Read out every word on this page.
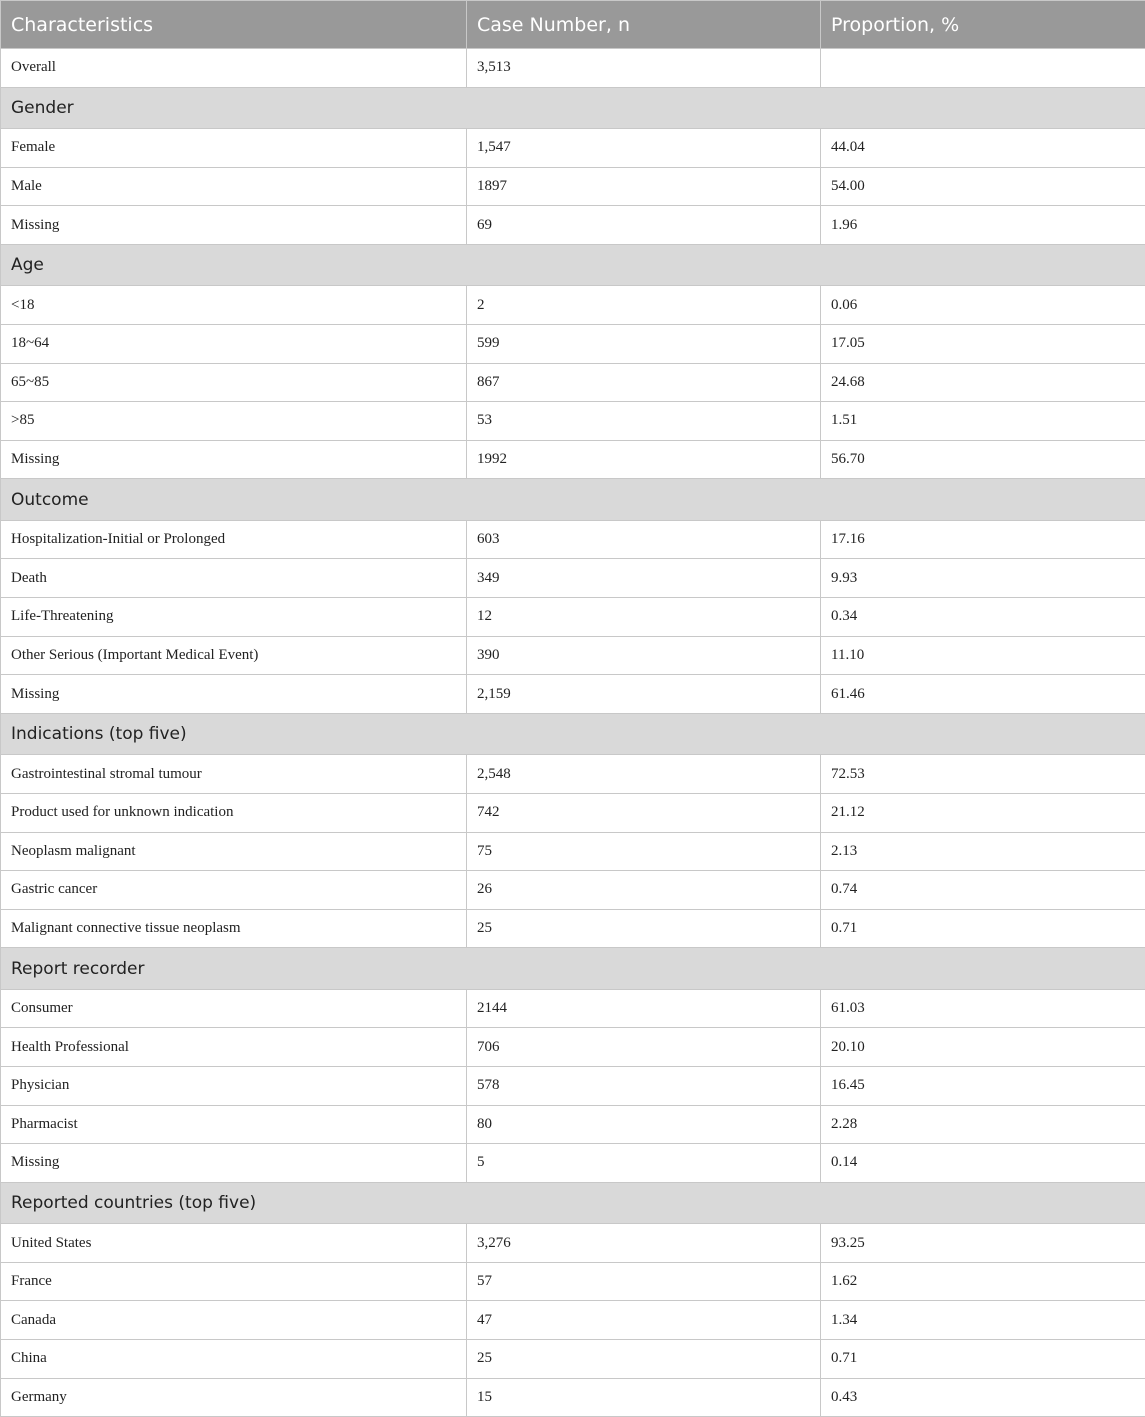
Characteristics	Case Number, n	Proportion, %
Overall	3,513	
Gender		
Female	1,547	44.04
Male	1897	54.00
Missing	69	1.96
Age		
<18	2	0.06
18~64	599	17.05
65~85	867	24.68
>85	53	1.51
Missing	1992	56.70
Outcome		
Hospitalization-Initial or Prolonged	603	17.16
Death	349	9.93
Life-Threatening	12	0.34
Other Serious (Important Medical Event)	390	11.10
Missing	2,159	61.46
Indications (top five)		
Gastrointestinal stromal tumour	2,548	72.53
Product used for unknown indication	742	21.12
Neoplasm malignant	75	2.13
Gastric cancer	26	0.74
Malignant connective tissue neoplasm	25	0.71
Report recorder		
Consumer	2144	61.03
Health Professional	706	20.10
Physician	578	16.45
Pharmacist	80	2.28
Missing	5	0.14
Reported countries (top five)		
United States	3,276	93.25
France	57	1.62
Canada	47	1.34
China	25	0.71
Germany	15	0.43
